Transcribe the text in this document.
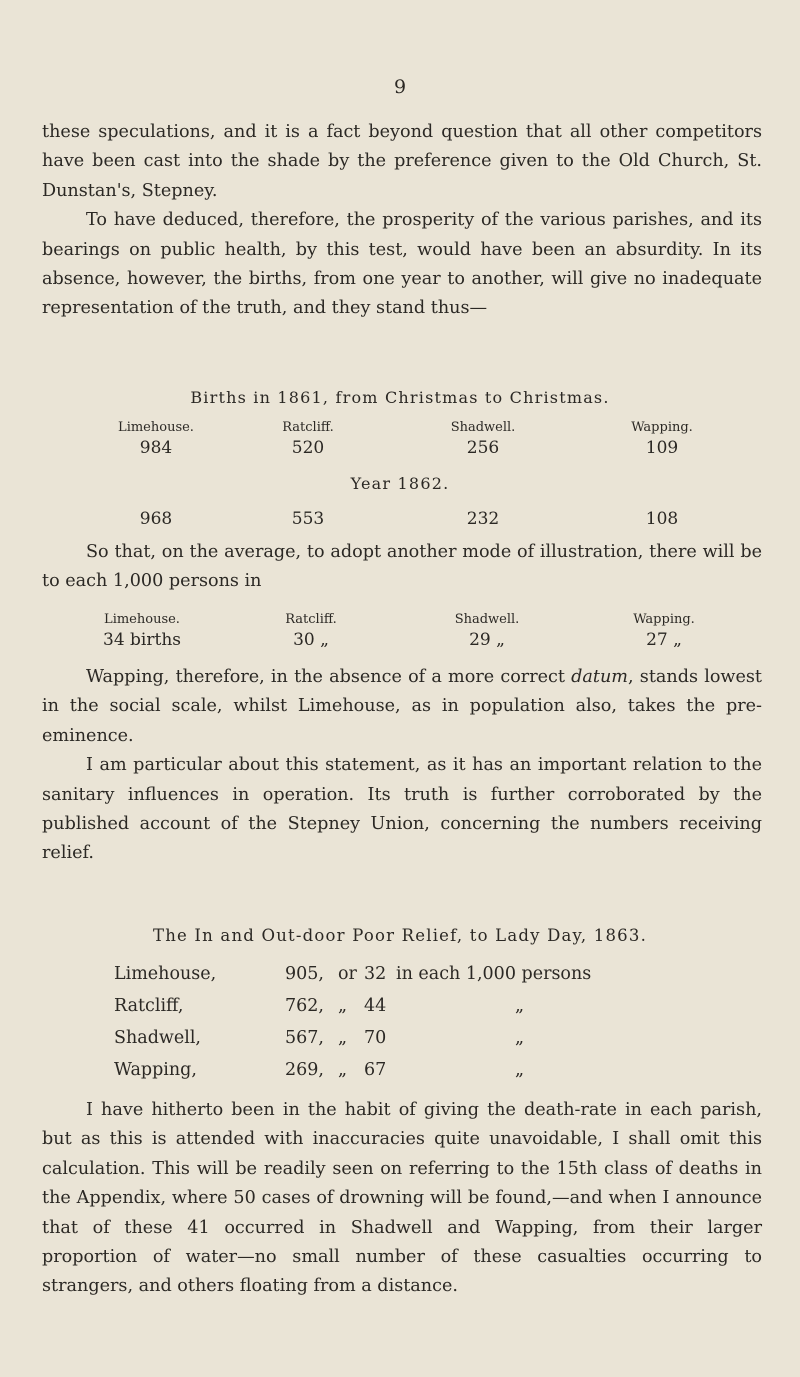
9

these speculations, and it is a fact beyond question that all other competitors have been cast into the shade by the preference given to the Old Church, St. Dunstan's, Stepney.

To have deduced, therefore, the prosperity of the various parishes, and its bearings on public health, by this test, would have been an absurdity. In its absence, however, the births, from one year to another, will give no inadequate representation of the truth, and they stand thus—

Births in 1861, from Christmas to Christmas.
Limehouse.	Ratcliff.	Shadwell.	Wapping.
984	520	256	109
Year 1862.
968	553	232	108

So that, on the average, to adopt another mode of illustration, there will be to each 1,000 persons in

Limehouse.	Ratcliff.	Shadwell.	Wapping.
34 births	30 „	29 „	27 „

Wapping, therefore, in the absence of a more correct datum, stands lowest in the social scale, whilst Limehouse, as in population also, takes the pre-eminence.

I am particular about this statement, as it has an important relation to the sanitary influences in operation. Its truth is further corroborated by the published account of the Stepney Union, concerning the numbers receiving relief.

The In and Out-door Poor Relief, to Lady Day, 1863.
Limehouse,	905, or 32 in each 1,000 persons
Ratcliff,	762, „ 44	„
Shadwell,	567, „ 70	„
Wapping,	269, „ 67	„

I have hitherto been in the habit of giving the death-rate in each parish, but as this is attended with inaccuracies quite unavoidable, I shall omit this calculation. This will be readily seen on referring to the 15th class of deaths in the Appendix, where 50 cases of drowning will be found,—and when I announce that of these 41 occurred in Shadwell and Wapping, from their larger proportion of water—no small number of these casualties occurring to strangers, and others floating from a distance.
